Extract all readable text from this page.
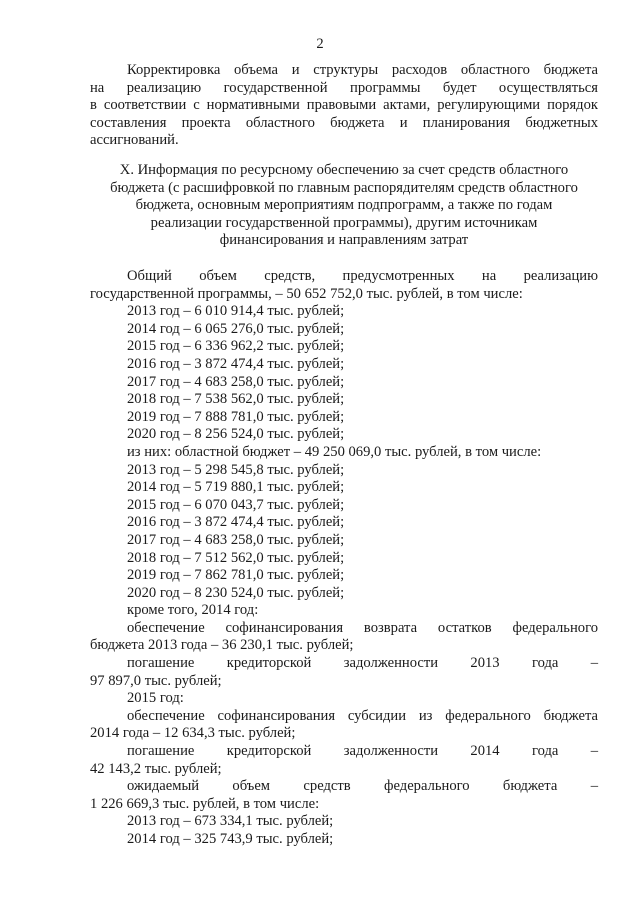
2
Корректировка объема и структуры расходов областного бюджета
на реализацию государственной программы будет осуществляться
в соответствии с нормативными правовыми актами, регулирующими порядок
составления проекта областного бюджета и планирования бюджетных
ассигнований.
X. Информация по ресурсному обеспечению за счет средств областного
бюджета (с расшифровкой по главным распорядителям средств областного
бюджета, основным мероприятиям подпрограмм, а также по годам
реализации государственной программы), другим источникам
финансирования и направлениям затрат
Общий объем средств, предусмотренных на реализацию
государственной программы, – 50 652 752,0 тыс. рублей, в том числе:
2013 год – 6 010 914,4 тыс. рублей;
2014 год – 6 065 276,0 тыс. рублей;
2015 год – 6 336 962,2 тыс. рублей;
2016 год – 3 872 474,4 тыс. рублей;
2017 год – 4 683 258,0 тыс. рублей;
2018 год – 7 538 562,0 тыс. рублей;
2019 год – 7 888 781,0 тыс. рублей;
2020 год – 8 256 524,0 тыс. рублей;
из них: областной бюджет – 49 250 069,0 тыс. рублей, в том числе:
2013 год – 5 298 545,8 тыс. рублей;
2014 год – 5 719 880,1 тыс. рублей;
2015 год – 6 070 043,7 тыс. рублей;
2016 год – 3 872 474,4 тыс. рублей;
2017 год – 4 683 258,0 тыс. рублей;
2018 год – 7 512 562,0 тыс. рублей;
2019 год – 7 862 781,0 тыс. рублей;
2020 год – 8 230 524,0 тыс. рублей;
кроме того, 2014 год:
обеспечение софинансирования возврата остатков федерального
бюджета 2013 года – 36 230,1 тыс. рублей;
погашение кредиторской задолженности 2013 года –
97 897,0 тыс. рублей;
2015 год:
обеспечение софинансирования субсидии из федерального бюджета
2014 года – 12 634,3 тыс. рублей;
погашение кредиторской задолженности 2014 года –
42 143,2 тыс. рублей;
ожидаемый объем средств федерального бюджета –
1 226 669,3 тыс. рублей, в том числе:
2013 год – 673 334,1 тыс. рублей;
2014 год – 325 743,9 тыс. рублей;
